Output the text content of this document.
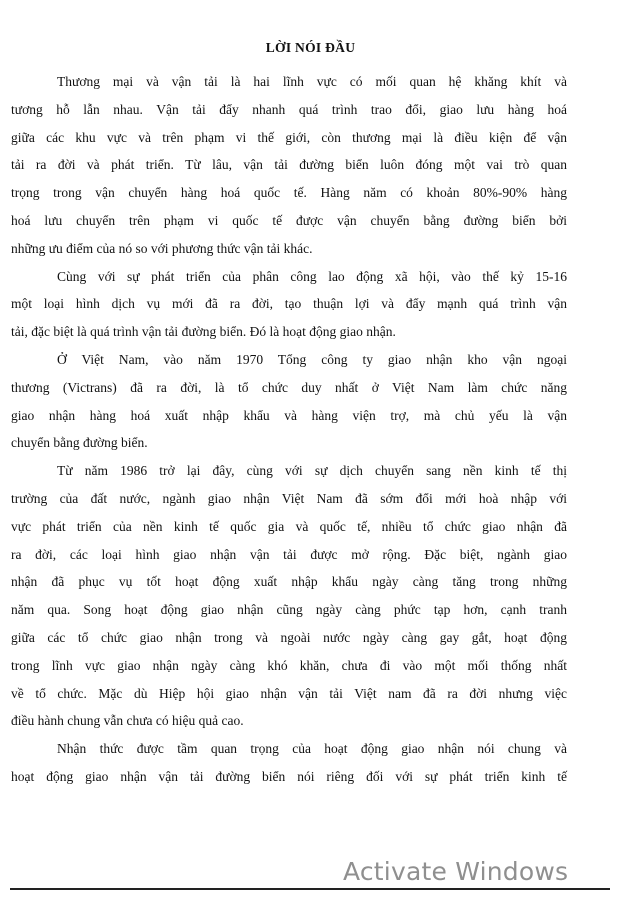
LỜI NÓI ĐẦU
Thương mại và vận tải là hai lĩnh vực có mối quan hệ khăng khít và
tương hỗ lẫn nhau. Vận tải đẩy nhanh quá trình trao đổi, giao lưu hàng hoá
giữa các khu vực và trên phạm vi thế giới, còn thương mại là điều kiện để vận
tải ra đời và phát triển. Từ lâu, vận tải đường biển luôn đóng một vai trò quan
trọng trong vận chuyển hàng hoá quốc tế. Hàng năm có khoản 80%-90% hàng
hoá lưu chuyển trên phạm vi quốc tế được vận chuyển bằng đường biển bởi
những ưu điểm của nó so với phương thức vận tải khác.
Cùng với sự phát triển của phân công lao động xã hội, vào thế kỷ 15-16
một loại hình dịch vụ mới đã ra đời, tạo thuận lợi và đẩy mạnh quá trình vận
tải, đặc biệt là quá trình vận tải đường biển. Đó là hoạt động giao nhận.
Ở Việt Nam, vào năm 1970 Tổng công ty giao nhận kho vận ngoại
thương (Victrans) đã ra đời, là tổ chức duy nhất ở Việt Nam làm chức năng
giao nhận hàng hoá xuất nhập khẩu và hàng viện trợ, mà chủ yếu là vận
chuyển bằng đường biển.
Từ năm 1986 trở lại đây, cùng với sự dịch chuyển sang nền kinh tế thị
trường của đất nước, ngành giao nhận Việt Nam đã sớm đổi mới hoà nhập với
vực phát triển của nền kinh tế quốc gia và quốc tế, nhiều tổ chức giao nhận đã
ra đời, các loại hình giao nhận vận tải được mở rộng. Đặc biệt, ngành giao
nhận đã phục vụ tốt hoạt động xuất nhập khẩu ngày càng tăng trong những
năm qua. Song hoạt động giao nhận cũng ngày càng phức tạp hơn, cạnh tranh
giữa các tổ chức giao nhận trong và ngoài nước ngày càng gay gắt, hoạt động
trong lĩnh vực giao nhận ngày càng khó khăn, chưa đi vào một mối thống nhất
về tổ chức. Mặc dù Hiệp hội giao nhận vận tải Việt nam đã ra đời nhưng việc
điều hành chung vẫn chưa có hiệu quả cao.
Nhận thức được tầm quan trọng của hoạt động giao nhận nói chung và
hoạt động giao nhận vận tải đường biển nói riêng đối với sự phát triển kinh tế
Activate Windows
